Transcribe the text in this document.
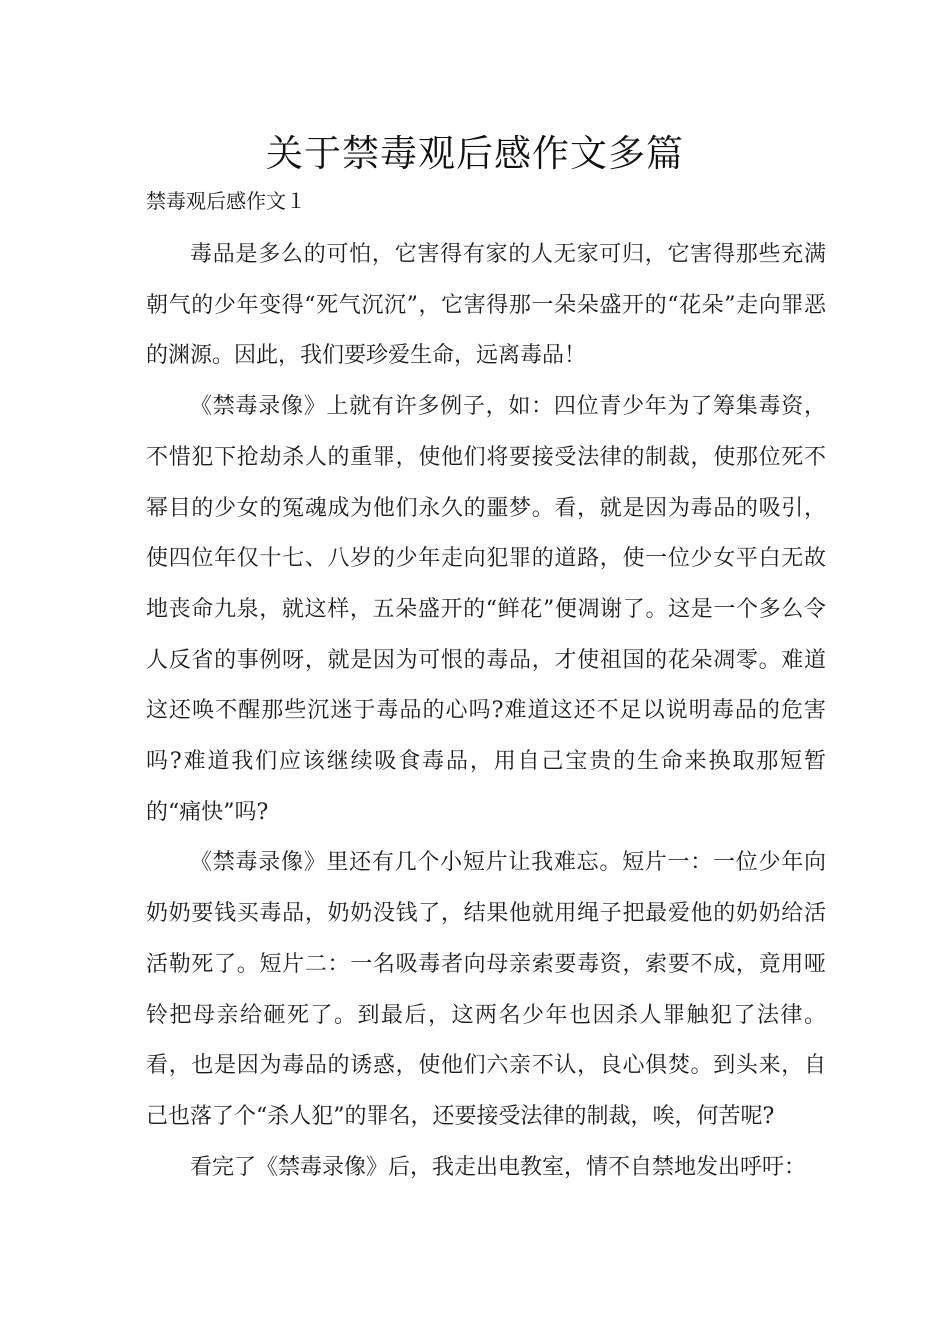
关于禁毒观后感作文多篇
禁毒观后感作文１

毒品是多么的可怕，它害得有家的人无家可归，它害得那些充满朝气的少年变得“死气沉沉”，它害得那一朵朵盛开的“花朵”走向罪恶的渊源。因此，我们要珍爱生命，远离毒品！

《禁毒录像》上就有许多例子，如：四位青少年为了筹集毒资，不惜犯下抢劫杀人的重罪，使他们将要接受法律的制裁，使那位死不幂目的少女的冤魂成为他们永久的噩梦。看，就是因为毒品的吸引，使四位年仅十七、八岁的少年走向犯罪的道路，使一位少女平白无故地丧命九泉，就这样，五朵盛开的“鲜花”便凋谢了。这是一个多么令人反省的事例呀，就是因为可恨的毒品，才使祖国的花朵凋零。难道这还唤不醒那些沉迷于毒品的心吗?难道这还不足以说明毒品的危害吗?难道我们应该继续吸食毒品，用自己宝贵的生命来换取那短暂的“痛快”吗?

《禁毒录像》里还有几个小短片让我难忘。短片一：一位少年向奶奶要钱买毒品，奶奶没钱了，结果他就用绳子把最爱他的奶奶给活活勒死了。短片二：一名吸毒者向母亲索要毒资，索要不成，竟用哑铃把母亲给砸死了。到最后，这两名少年也因杀人罪触犯了法律。看，也是因为毒品的诱惑，使他们六亲不认，良心俱焚。到头来，自己也落了个“杀人犯”的罪名，还要接受法律的制裁，唉，何苦呢?

看完了《禁毒录像》后，我走出电教室，情不自禁地发出呼吁：
